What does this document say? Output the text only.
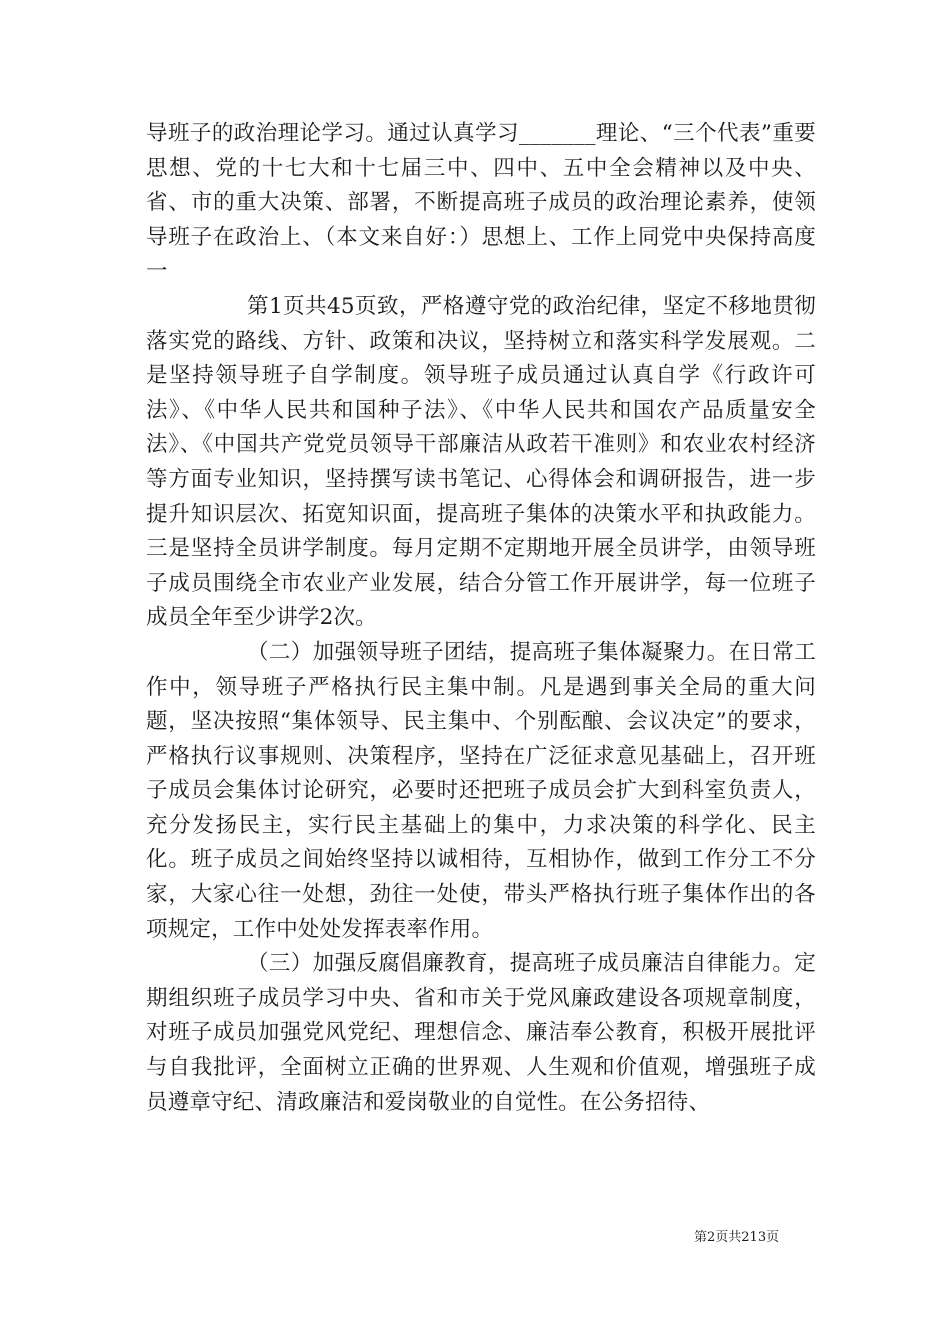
导班子的政治理论学习。通过认真学习_______理论、“三个代表”重要思想、党的十七大和十七届三中、四中、五中全会精神以及中央、省、市的重大决策、部署，不断提高班子成员的政治理论素养，使领导班子在政治上、（本文来自好：）思想上、工作上同党中央保持高度一

第1页共45页致，严格遵守党的政治纪律，坚定不移地贯彻落实党的路线、方针、政策和决议，坚持树立和落实科学发展观。二是坚持领导班子自学制度。领导班子成员通过认真自学《行政许可法》、《中华人民共和国种子法》、《中华人民共和国农产品质量安全法》、《中国共产党党员领导干部廉洁从政若干准则》和农业农村经济等方面专业知识，坚持撰写读书笔记、心得体会和调研报告，进一步提升知识层次、拓宽知识面，提高班子集体的决策水平和执政能力。三是坚持全员讲学制度。每月定期不定期地开展全员讲学，由领导班子成员围绕全市农业产业发展，结合分管工作开展讲学，每一位班子成员全年至少讲学2次。

（二）加强领导班子团结，提高班子集体凝聚力。在日常工作中，领导班子严格执行民主集中制。凡是遇到事关全局的重大问题，坚决按照“集体领导、民主集中、个别酝酿、会议决定”的要求，严格执行议事规则、决策程序，坚持在广泛征求意见基础上，召开班子成员会集体讨论研究，必要时还把班子成员会扩大到科室负责人，充分发扬民主，实行民主基础上的集中，力求决策的科学化、民主化。班子成员之间始终坚持以诚相待，互相协作，做到工作分工不分家，大家心往一处想，劲往一处使，带头严格执行班子集体作出的各项规定，工作中处处发挥表率作用。

（三）加强反腐倡廉教育，提高班子成员廉洁自律能力。定期组织班子成员学习中央、省和市关于党风廉政建设各项规章制度，对班子成员加强党风党纪、理想信念、廉洁奉公教育，积极开展批评与自我批评，全面树立正确的世界观、人生观和价值观，增强班子成员遵章守纪、清政廉洁和爱岗敬业的自觉性。在公务招待、

第2页共213页
